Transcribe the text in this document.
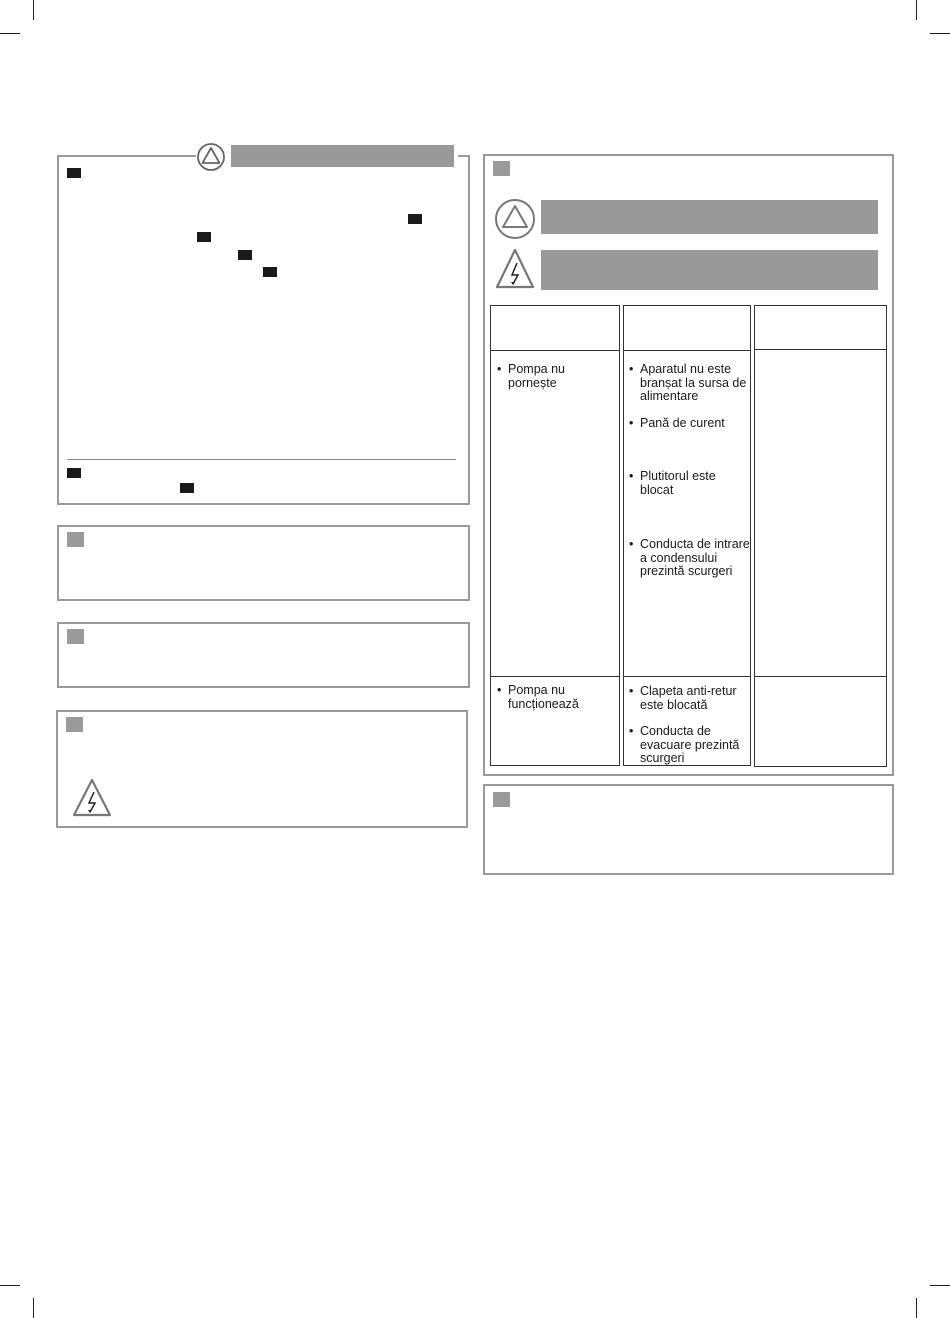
• Pompa nu pornește
• Aparatul nu este branșat la sursa de alimentare
• Pană de curent
• Plutitorul este blocat
• Conducta de intrare a condensului prezintă scurgeri
• Pompa nu funcționează
• Clapeta anti-retur este blocată
• Conducta de evacuare prezintă scurgeri
